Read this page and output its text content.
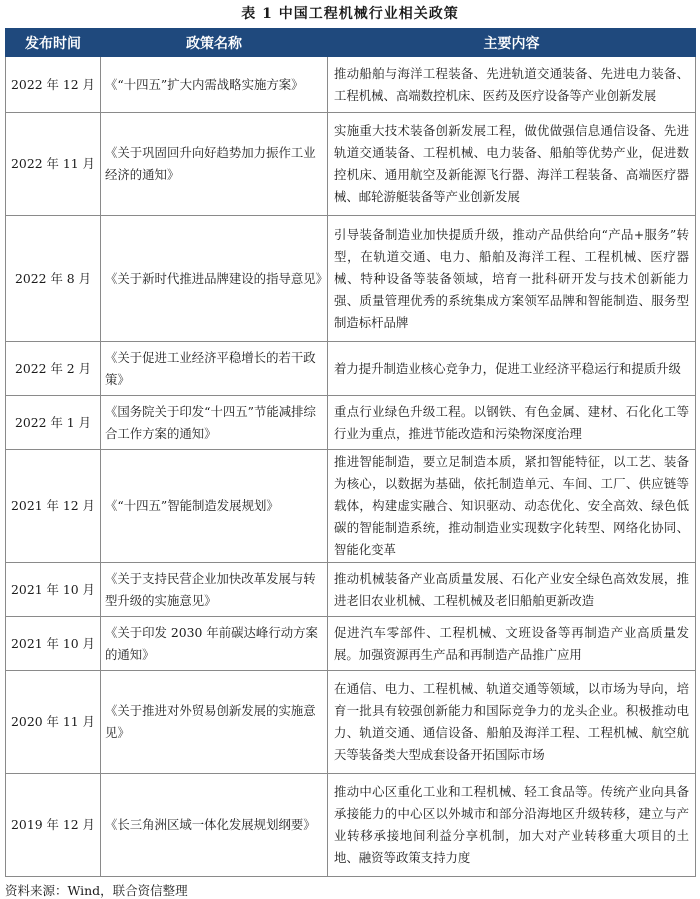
表 1 中国工程机械行业相关政策
发布时间	政策名称	主要内容
2022 年 12 月	《“十四五”扩大内需战略实施方案》	推动船舶与海洋工程装备、先进轨道交通装备、先进电力装备、工程机械、高端数控机床、医药及医疗设备等产业创新发展
2022 年 11 月	《关于巩固回升向好趋势加力振作工业经济的通知》	实施重大技术装备创新发展工程，做优做强信息通信设备、先进轨道交通装备、工程机械、电力装备、船舶等优势产业，促进数控机床、通用航空及新能源飞行器、海洋工程装备、高端医疗器械、邮轮游艇装备等产业创新发展
2022 年 8 月	《关于新时代推进品牌建设的指导意见》	引导装备制造业加快提质升级，推动产品供给向“产品+服务”转型，在轨道交通、电力、船舶及海洋工程、工程机械、医疗器械、特种设备等装备领域，培育一批科研开发与技术创新能力强、质量管理优秀的系统集成方案领军品牌和智能制造、服务型制造标杆品牌
2022 年 2 月	《关于促进工业经济平稳增长的若干政策》	着力提升制造业核心竞争力，促进工业经济平稳运行和提质升级
2022 年 1 月	《国务院关于印发“十四五”节能减排综合工作方案的通知》	重点行业绿色升级工程。以钢铁、有色金属、建材、石化化工等行业为重点，推进节能改造和污染物深度治理
2021 年 12 月	《“十四五”智能制造发展规划》	推进智能制造，要立足制造本质，紧扣智能特征，以工艺、装备为核心，以数据为基础，依托制造单元、车间、工厂、供应链等载体，构建虚实融合、知识驱动、动态优化、安全高效、绿色低碳的智能制造系统，推动制造业实现数字化转型、网络化协同、智能化变革
2021 年 10 月	《关于支持民营企业加快改革发展与转型升级的实施意见》	推动机械装备产业高质量发展、石化产业安全绿色高效发展，推进老旧农业机械、工程机械及老旧船舶更新改造
2021 年 10 月	《关于印发 2030 年前碳达峰行动方案的通知》	促进汽车零部件、工程机械、文班设备等再制造产业高质量发展。加强资源再生产品和再制造产品推广应用
2020 年 11 月	《关于推进对外贸易创新发展的实施意见》	在通信、电力、工程机械、轨道交通等领域，以市场为导向，培育一批具有较强创新能力和国际竞争力的龙头企业。积极推动电力、轨道交通、通信设备、船舶及海洋工程、工程机械、航空航天等装备类大型成套设备开拓国际市场
2019 年 12 月	《长三角洲区域一体化发展规划纲要》	推动中心区重化工业和工程机械、轻工食品等。传统产业向具备承接能力的中心区以外城市和部分沿海地区升级转移，建立与产业转移承接地间利益分享机制，加大对产业转移重大项目的土地、融资等政策支持力度
资料来源：Wind，联合资信整理
